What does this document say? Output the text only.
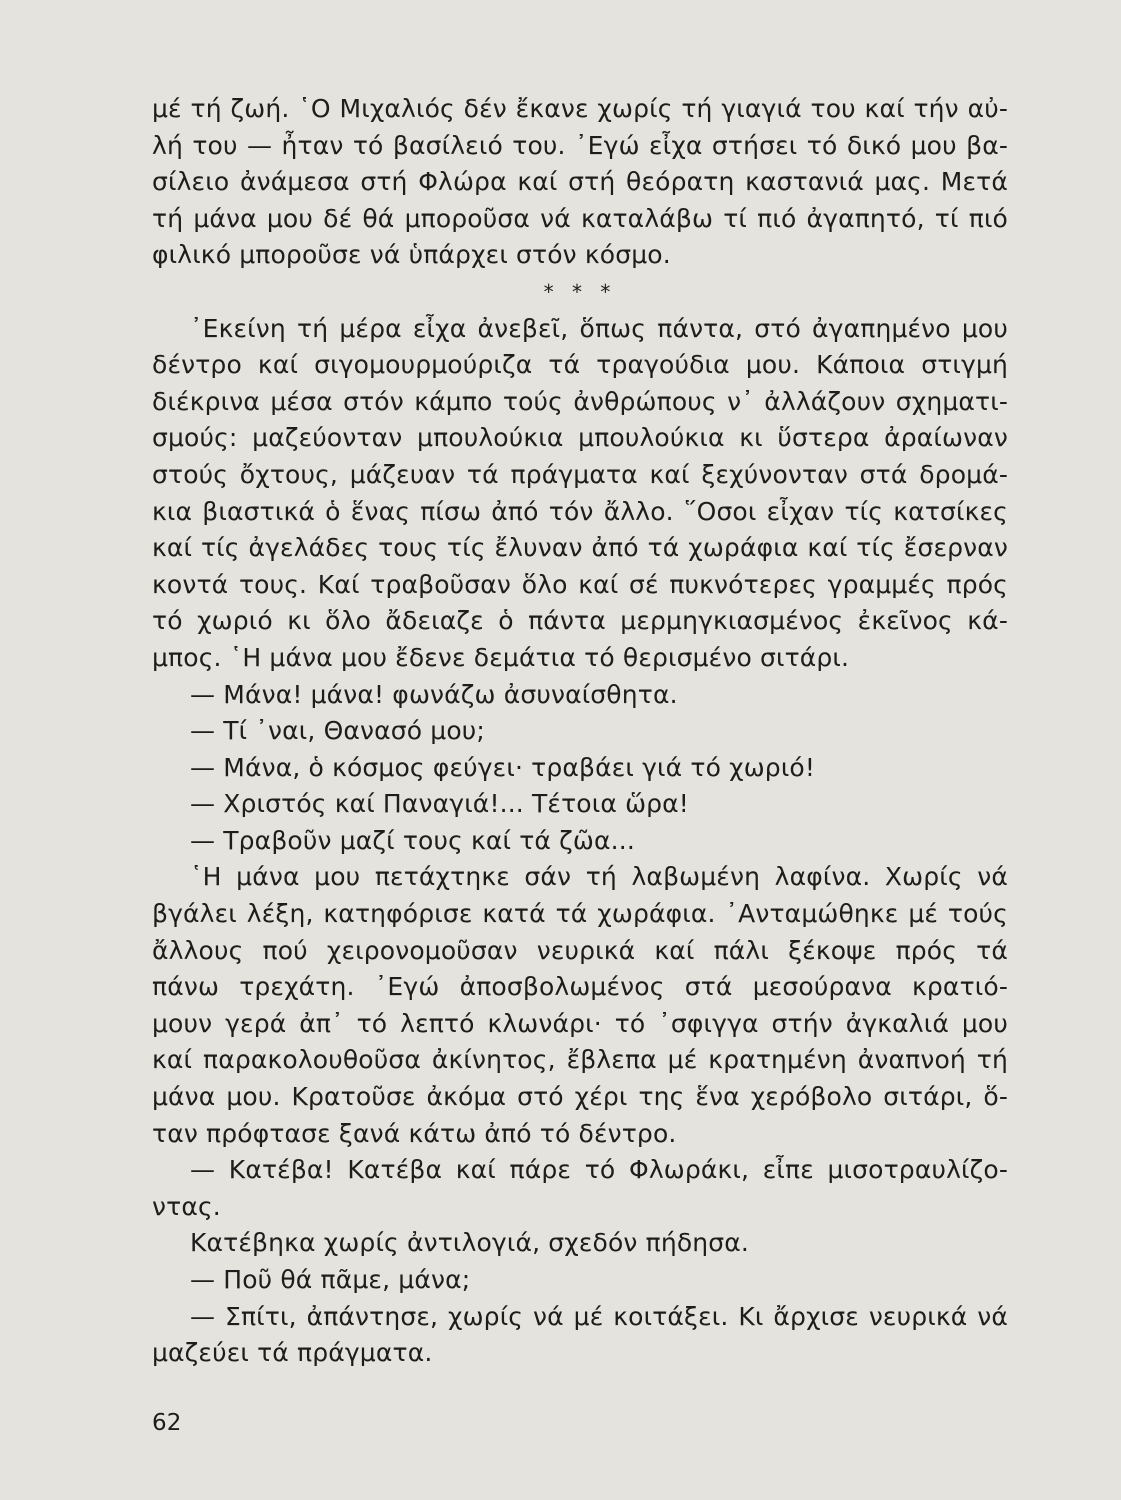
μέ τή ζωή. ῾Ο Μιχαλιός δέν ἔκανε χωρίς τή γιαγιά του καί τήν αὐ-
λή του — ἦταν τό βασίλειό του. ᾿Εγώ εἶχα στήσει τό δικό μου βα-
σίλειο ἀνάμεσα στή Φλώρα καί στή θεόρατη καστανιά μας. Μετά
τή μάνα μου δέ θά μποροῦσα νά καταλάβω τί πιό ἀγαπητό, τί πιό
φιλικό μποροῦσε νά ὑπάρχει στόν κόσμο.
* * *
᾿Εκείνη τή μέρα εἶχα ἀνεβεῖ, ὅπως πάντα, στό ἀγαπημένο μου
δέντρο καί σιγομουρμούριζα τά τραγούδια μου. Κάποια στιγμή
διέκρινα μέσα στόν κάμπο τούς ἀνθρώπους ν᾿ ἀλλάζουν σχηματι-
σμούς: μαζεύονταν μπουλούκια μπουλούκια κι ὕστερα ἀραίωναν
στούς ὄχτους, μάζευαν τά πράγματα καί ξεχύνονταν στά δρομά-
κια βιαστικά ὁ ἕνας πίσω ἀπό τόν ἄλλο. ῞Οσοι εἶχαν τίς κατσίκες
καί τίς ἀγελάδες τους τίς ἔλυναν ἀπό τά χωράφια καί τίς ἔσερναν
κοντά τους. Καί τραβοῦσαν ὅλο καί σέ πυκνότερες γραμμές πρός
τό χωριό κι ὅλο ἄδειαζε ὁ πάντα μερμηγκιασμένος ἐκεῖνος κά-
μπος. ῾Η μάνα μου ἔδενε δεμάτια τό θερισμένο σιτάρι.
— Μάνα! μάνα! φωνάζω ἀσυναίσθητα.
— Τί ᾿ναι, Θανασό μου;
— Μάνα, ὁ κόσμος φεύγει· τραβάει γιά τό χωριό!
— Χριστός καί Παναγιά!... Τέτοια ὥρα!
— Τραβοῦν μαζί τους καί τά ζῶα...
῾Η μάνα μου πετάχτηκε σάν τή λαβωμένη λαφίνα. Χωρίς νά
βγάλει λέξη, κατηφόρισε κατά τά χωράφια. ᾿Ανταμώθηκε μέ τούς
ἄλλους πού χειρονομοῦσαν νευρικά καί πάλι ξέκοψε πρός τά
πάνω τρεχάτη. ᾿Εγώ ἀποσβολωμένος στά μεσούρανα κρατιό-
μουν γερά ἀπ᾿ τό λεπτό κλωνάρι· τό ᾿σφιγγα στήν ἀγκαλιά μου
καί παρακολουθοῦσα ἀκίνητος, ἔβλεπα μέ κρατημένη ἀναπνοή τή
μάνα μου. Κρατοῦσε ἀκόμα στό χέρι της ἕνα χερόβολο σιτάρι, ὅ-
ταν πρόφτασε ξανά κάτω ἀπό τό δέντρο.
— Κατέβα! Κατέβα καί πάρε τό Φλωράκι, εἶπε μισοτραυλίζο-
ντας.
Κατέβηκα χωρίς ἀντιλογιά, σχεδόν πήδησα.
— Ποῦ θά πᾶμε, μάνα;
— Σπίτι, ἀπάντησε, χωρίς νά μέ κοιτάξει. Κι ἄρχισε νευρικά νά
μαζεύει τά πράγματα.
62
